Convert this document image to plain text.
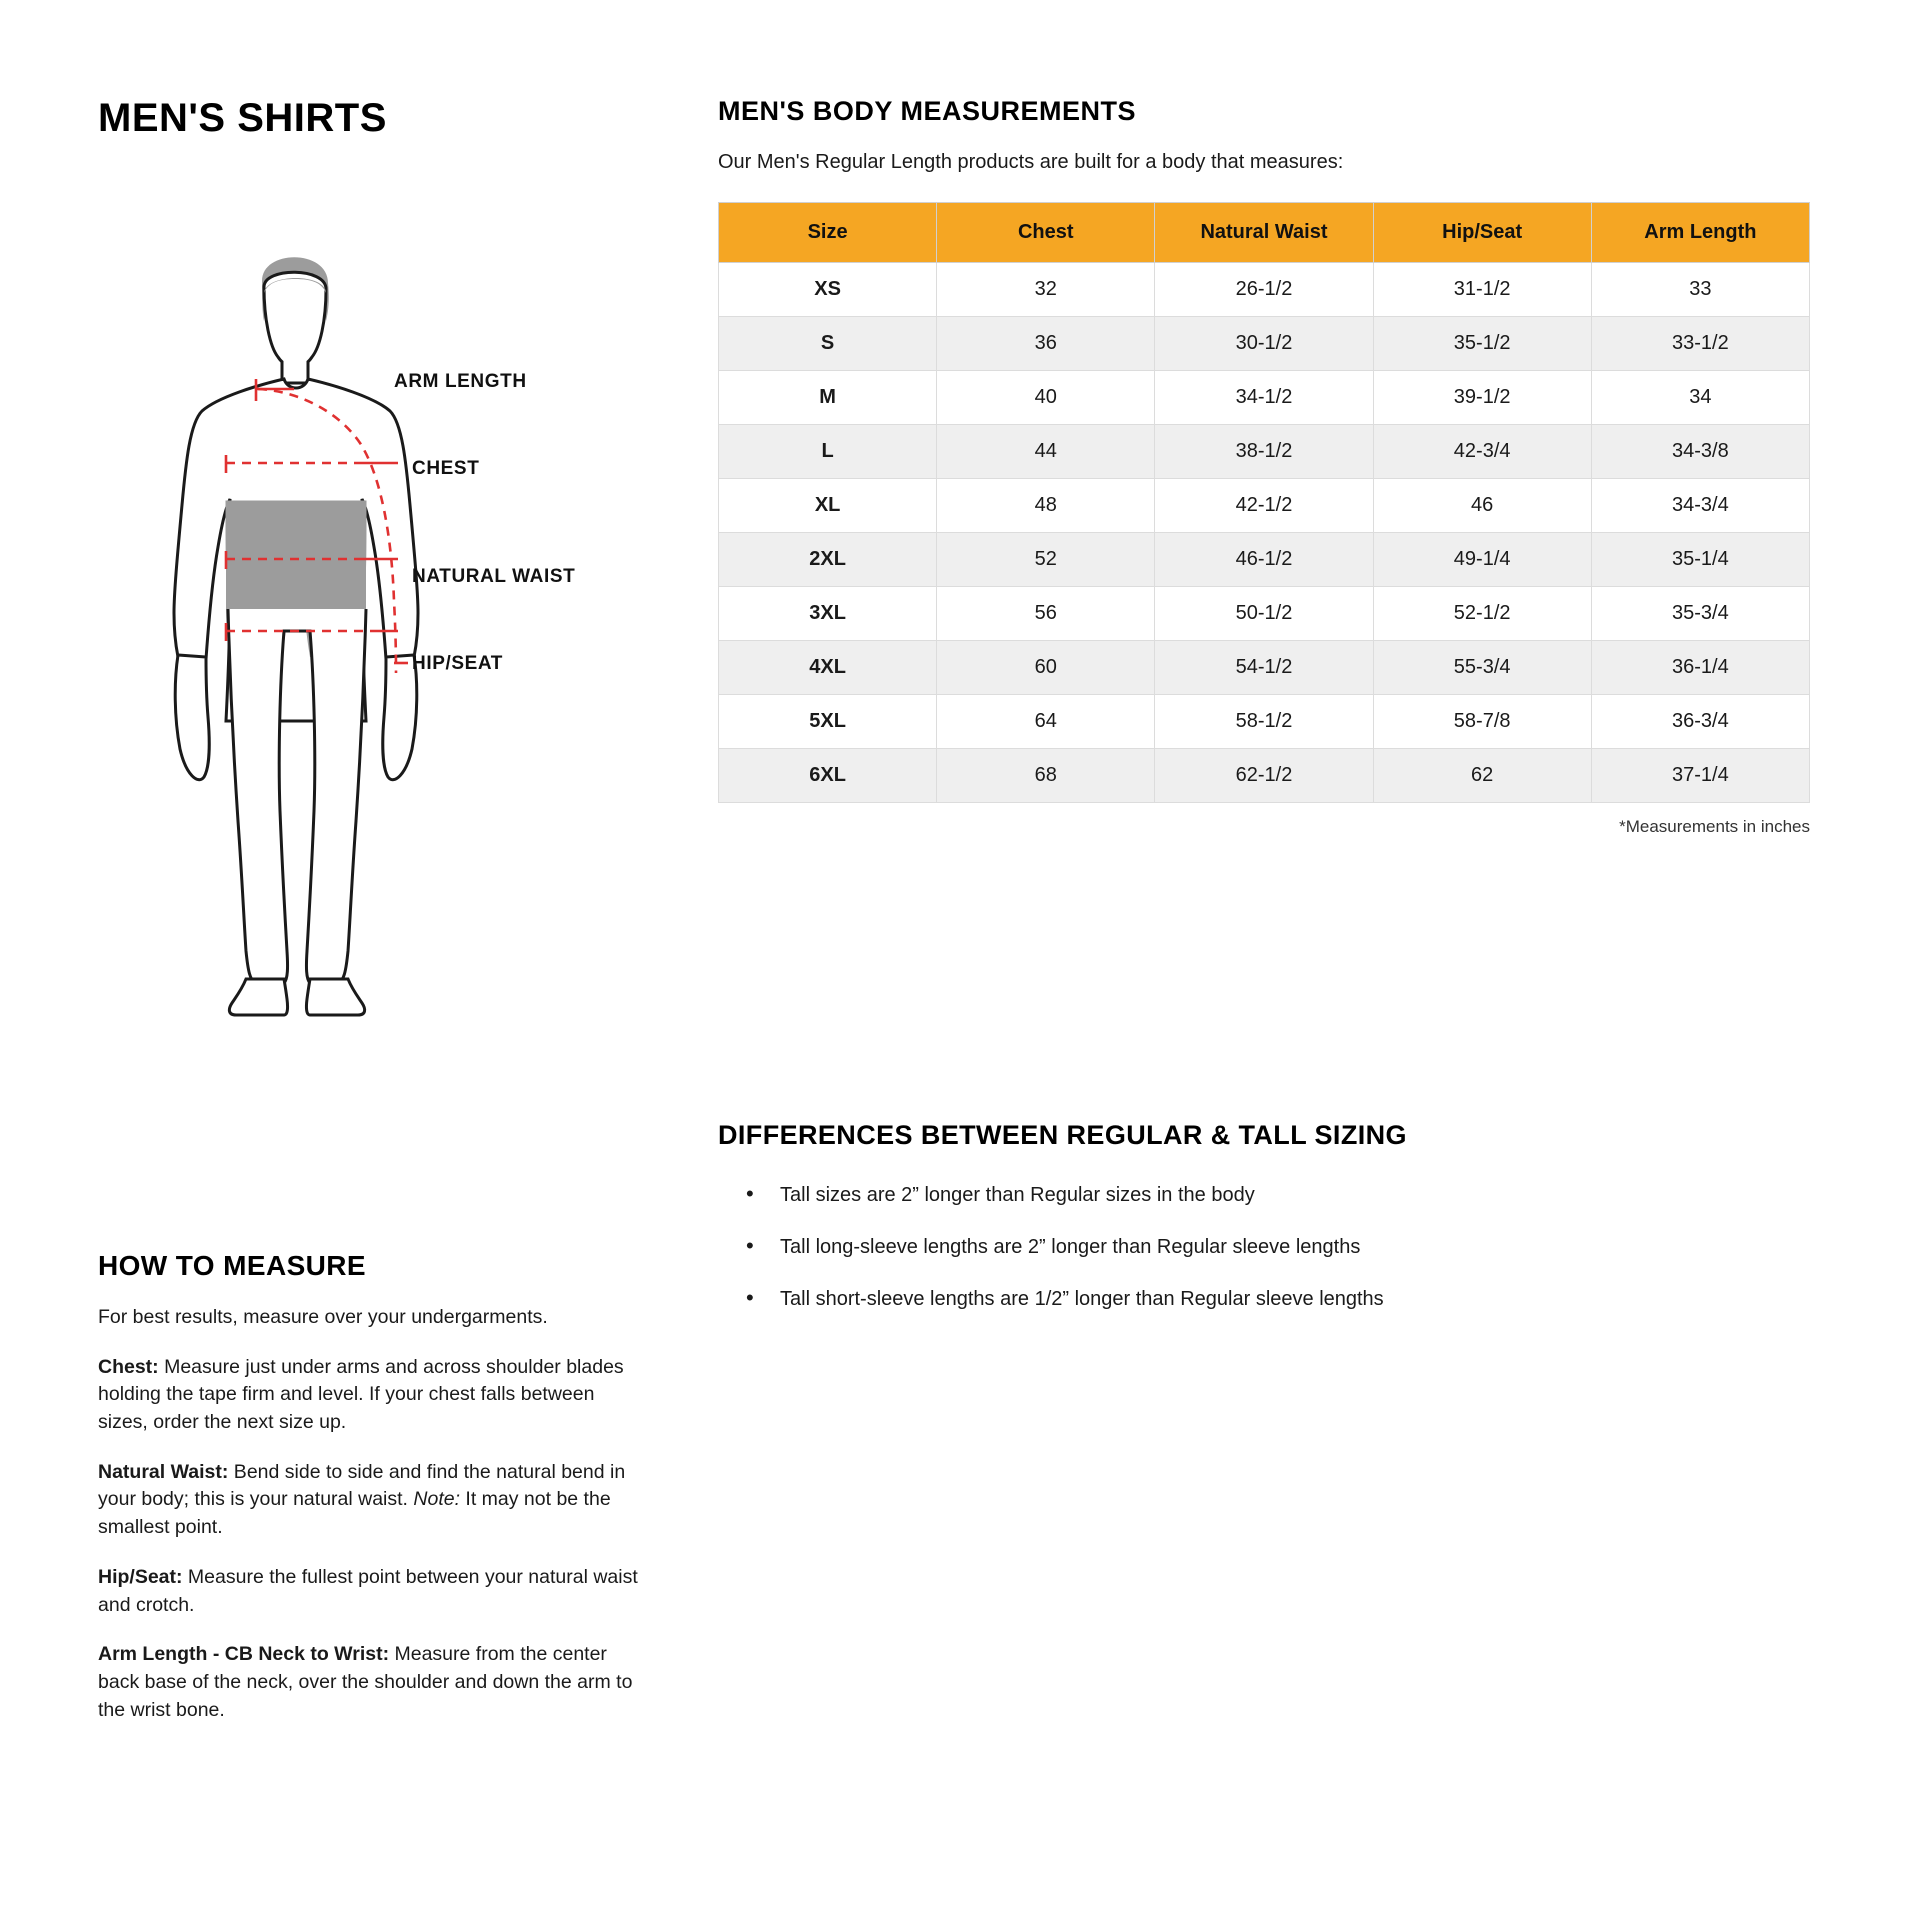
MEN'S SHIRTS
ARM LENGTH
CHEST
NATURAL WAIST
HIP/SEAT
HOW TO MEASURE

For best results, measure over your undergarments.

Chest: Measure just under arms and across shoulder blades holding the tape firm and level. If your chest falls between sizes, order the next size up.

Natural Waist: Bend side to side and find the natural bend in your body; this is your natural waist. Note: It may not be the smallest point.

Hip/Seat: Measure the fullest point between your natural waist and crotch.

Arm Length - CB Neck to Wrist: Measure from the center back base of the neck, over the shoulder and down the arm to the wrist bone.

MEN'S BODY MEASUREMENTS

Our Men's Regular Length products are built for a body that measures:

Size	Chest	Natural Waist	Hip/Seat	Arm Length
XS	32	26-1/2	31-1/2	33
S	36	30-1/2	35-1/2	33-1/2
M	40	34-1/2	39-1/2	34
L	44	38-1/2	42-3/4	34-3/8
XL	48	42-1/2	46	34-3/4
2XL	52	46-1/2	49-1/4	35-1/4
3XL	56	50-1/2	52-1/2	35-3/4
4XL	60	54-1/2	55-3/4	36-1/4
5XL	64	58-1/2	58-7/8	36-3/4
6XL	68	62-1/2	62	37-1/4
*Measurements in inches
DIFFERENCES BETWEEN REGULAR & TALL SIZING
• Tall sizes are 2” longer than Regular sizes in the body
• Tall long-sleeve lengths are 2” longer than Regular sleeve lengths
• Tall short-sleeve lengths are 1/2” longer than Regular sleeve lengths
